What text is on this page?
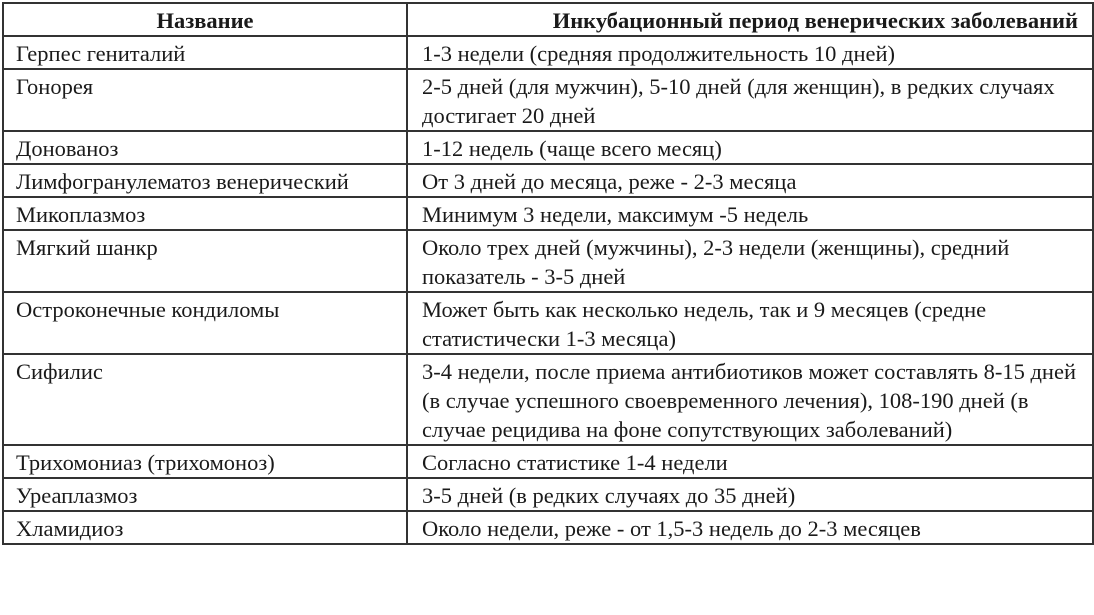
Название	Инкубационный период венерических заболеваний
Герпес гениталий	1-3 недели (средняя продолжительность 10 дней)
Гонорея	2-5 дней (для мужчин), 5-10 дней (для женщин), в редких случаях достигает 20 дней
Донованоз	1-12 недель (чаще всего месяц)
Лимфогранулематоз венерический	От 3 дней до месяца, реже - 2-3 месяца
Микоплазмоз	Минимум 3 недели, максимум -5 недель
Мягкий шанкр	Около трех дней (мужчины), 2-3 недели (женщины), средний показатель - 3-5 дней
Остроконечные кондиломы	Может быть как несколько недель, так и 9 месяцев (средне статистически 1-3 месяца)
Сифилис	3-4 недели, после приема антибиотиков может составлять 8-15 дней (в случае успешного своевременного лечения), 108-190 дней (в случае рецидива на фоне сопутствующих заболеваний)
Трихомониаз (трихомоноз)	Согласно статистике 1-4 недели
Уреаплазмоз	3-5 дней (в редких случаях до 35 дней)
Хламидиоз	Около недели, реже - от 1,5-3 недель до 2-3 месяцев
